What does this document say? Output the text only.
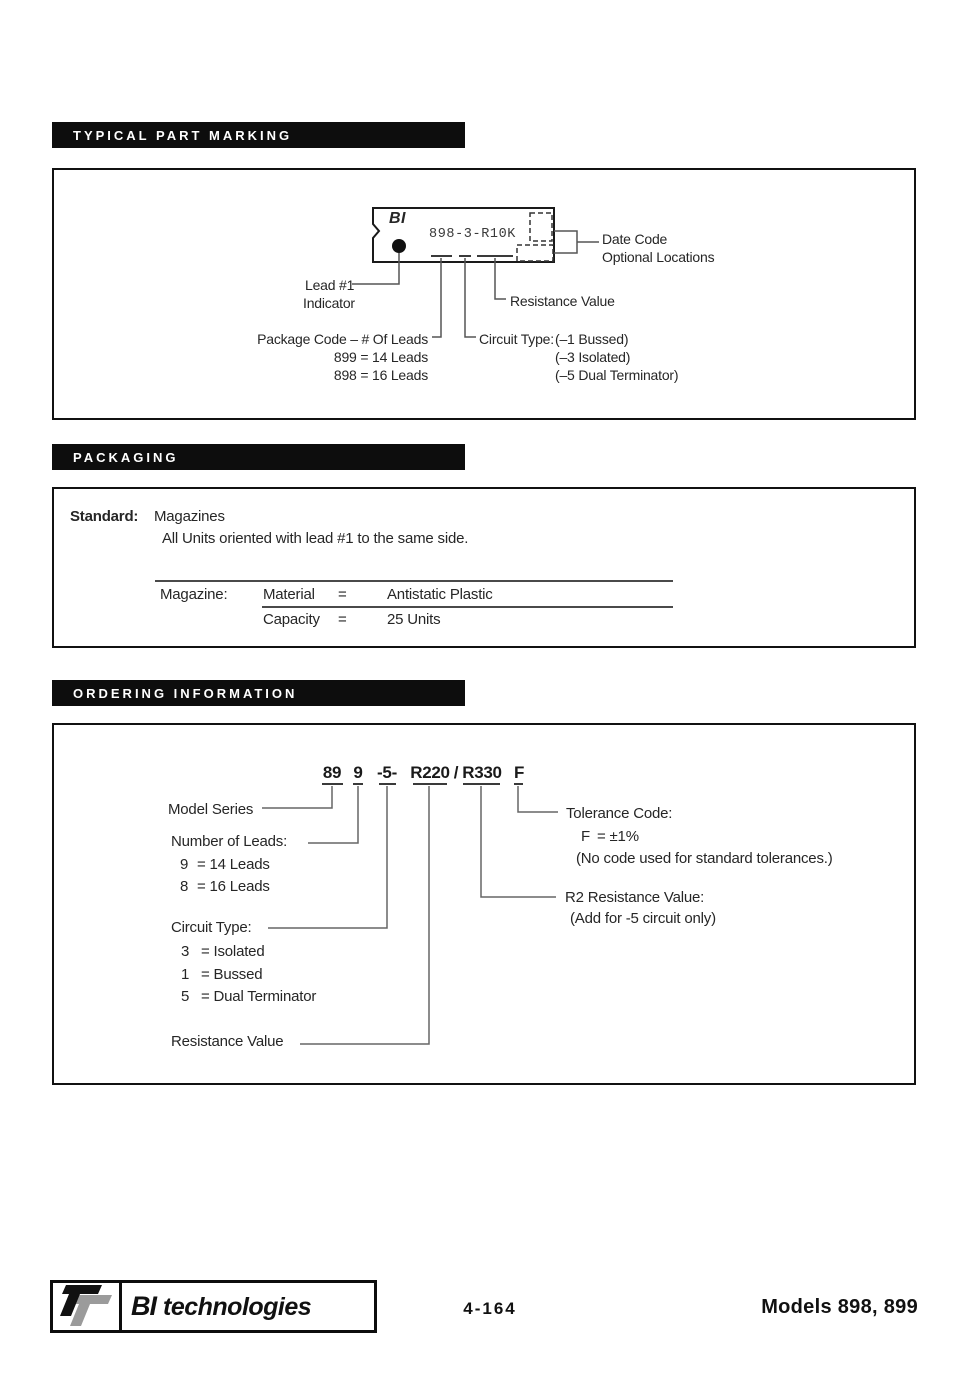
TYPICAL PART MARKING
BI
898-3-R10K	Date Code
Optional Locations
Lead #1
Indicator	Resistance Value
Package Code – # Of Leads
899 = 14 Leads
898 = 16 Leads
Circuit Type: (–1 Bussed)
(–3 Isolated)
(–5 Dual Terminator)
PACKAGING
Standard: Magazines
All Units oriented with lead #1 to the same side.
Magazine: Material =	Antistatic Plastic
Capacity =	25 Units
ORDERING INFORMATION
89 9 -5- R220 / R330 F
Model Series
Number of Leads:
9 = 14 Leads
8 = 16 Leads
Circuit Type:
3 = Isolated
1 = Bussed
5 = Dual Terminator
Resistance Value
Tolerance Code:
F = ±1%
(No code used for standard tolerances.)
R2 Resistance Value:
(Add for -5 circuit only)
BI technologies	4-164	Models 898, 899
